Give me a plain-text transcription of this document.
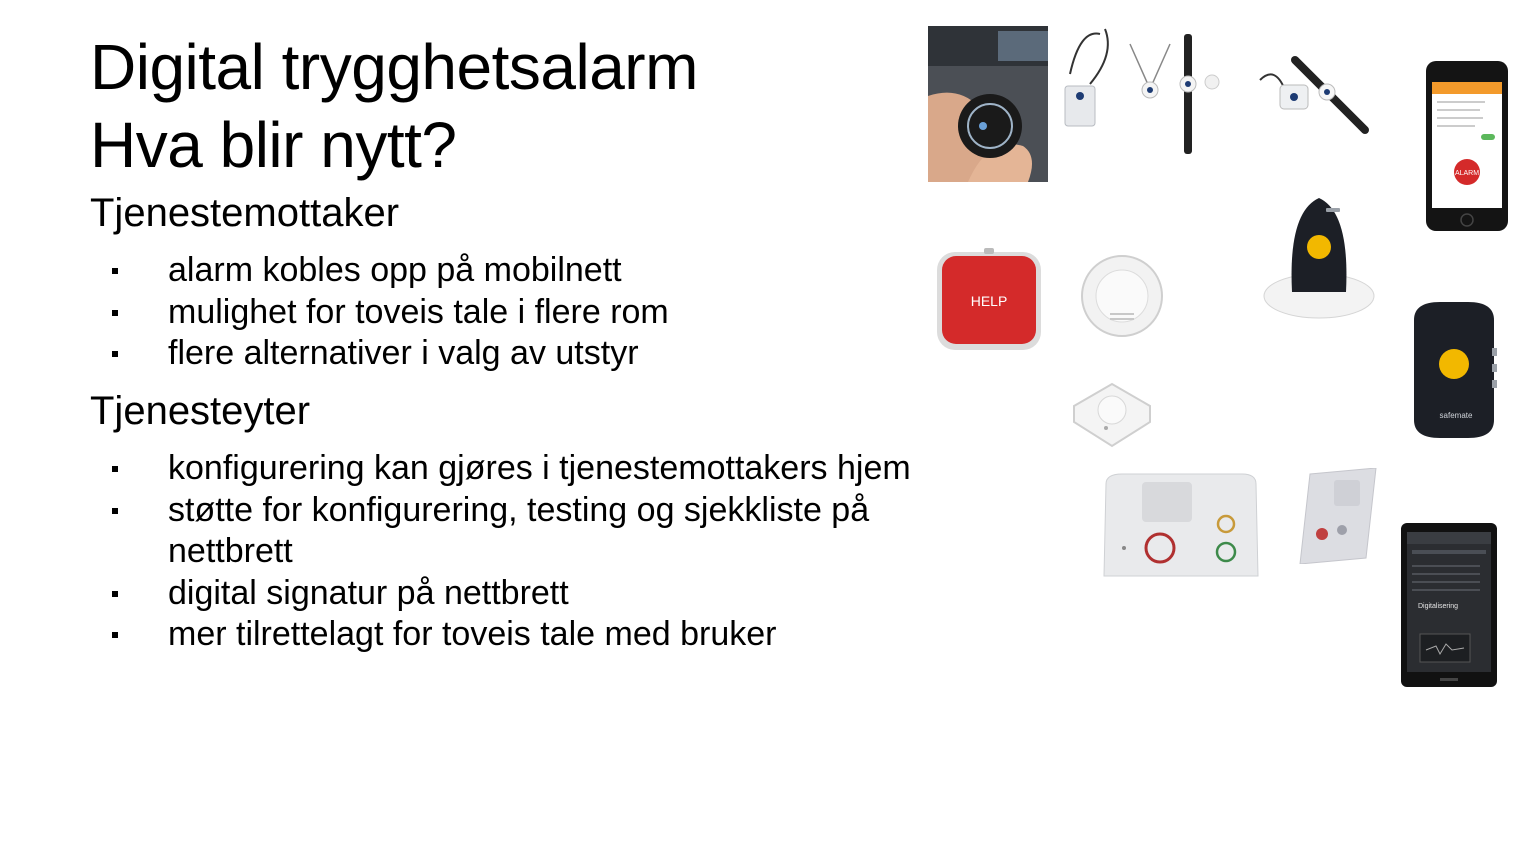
Digital trygghetsalarm
Hva blir nytt?
Tjenestemottaker
alarm kobles opp på mobilnett
mulighet for toveis tale i flere rom
flere alternativer i valg av utstyr
Tjenesteyter
konfigurering kan gjøres i tjenestemottakers hjem
støtte for konfigurering, testing og sjekkliste på nettbrett
digital signatur på nettbrett
mer tilrettelagt for toveis tale med bruker
ALARM
HELP
safemate
Digitalisering
